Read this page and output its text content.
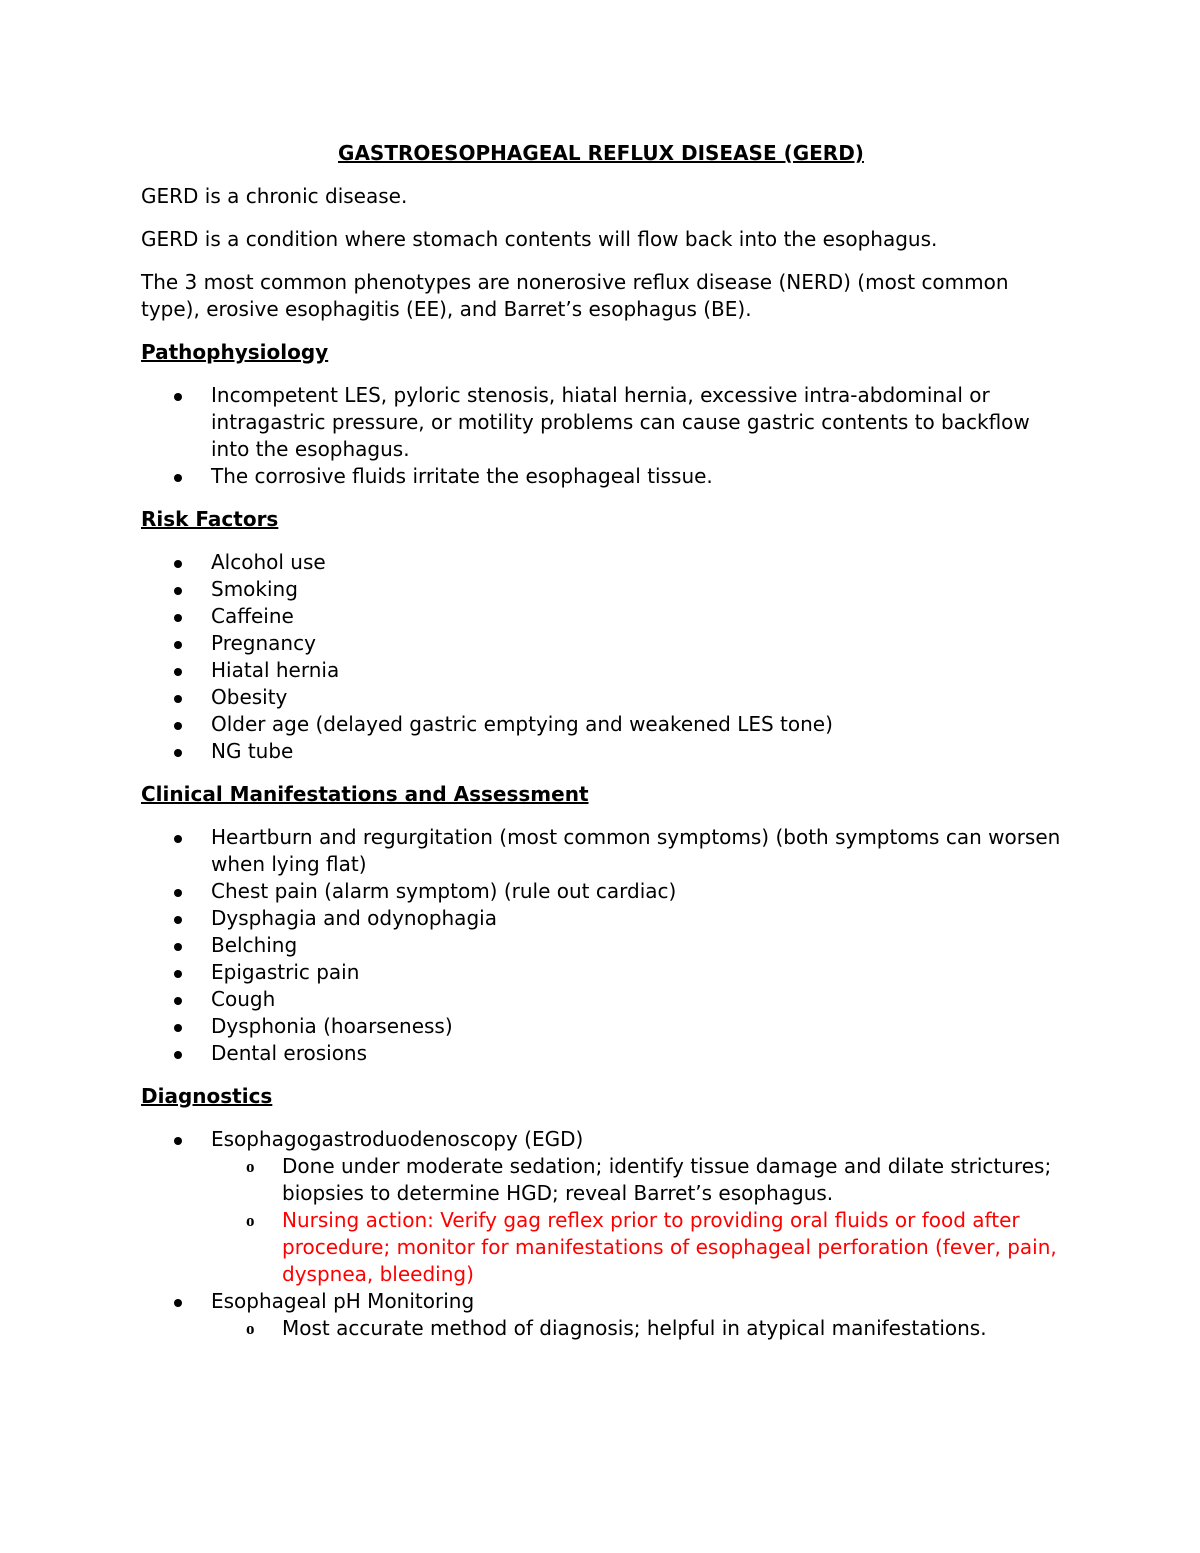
GASTROESOPHAGEAL REFLUX DISEASE (GERD)

GERD is a chronic disease.

GERD is a condition where stomach contents will flow back into the esophagus.

The 3 most common phenotypes are nonerosive reflux disease (NERD) (most common type), erosive esophagitis (EE), and Barret’s esophagus (BE).

Pathophysiology
Incompetent LES, pyloric stenosis, hiatal hernia, excessive intra-abdominal or intragastric pressure, or motility problems can cause gastric contents to backflow into the esophagus.
The corrosive fluids irritate the esophageal tissue.
Risk Factors
Alcohol use
Smoking
Caffeine
Pregnancy
Hiatal hernia
Obesity
Older age (delayed gastric emptying and weakened LES tone)
NG tube
Clinical Manifestations and Assessment
Heartburn and regurgitation (most common symptoms) (both symptoms can worsen when lying flat)
Chest pain (alarm symptom) (rule out cardiac)
Dysphagia and odynophagia
Belching
Epigastric pain
Cough
Dysphonia (hoarseness)
Dental erosions
Diagnostics
Esophagogastroduodenoscopy (EGD)
o Done under moderate sedation; identify tissue damage and dilate strictures; biopsies to determine HGD; reveal Barret’s esophagus.
o Nursing action: Verify gag reflex prior to providing oral fluids or food after procedure; monitor for manifestations of esophageal perforation (fever, pain, dyspnea, bleeding)
Esophageal pH Monitoring
o Most accurate method of diagnosis; helpful in atypical manifestations.
